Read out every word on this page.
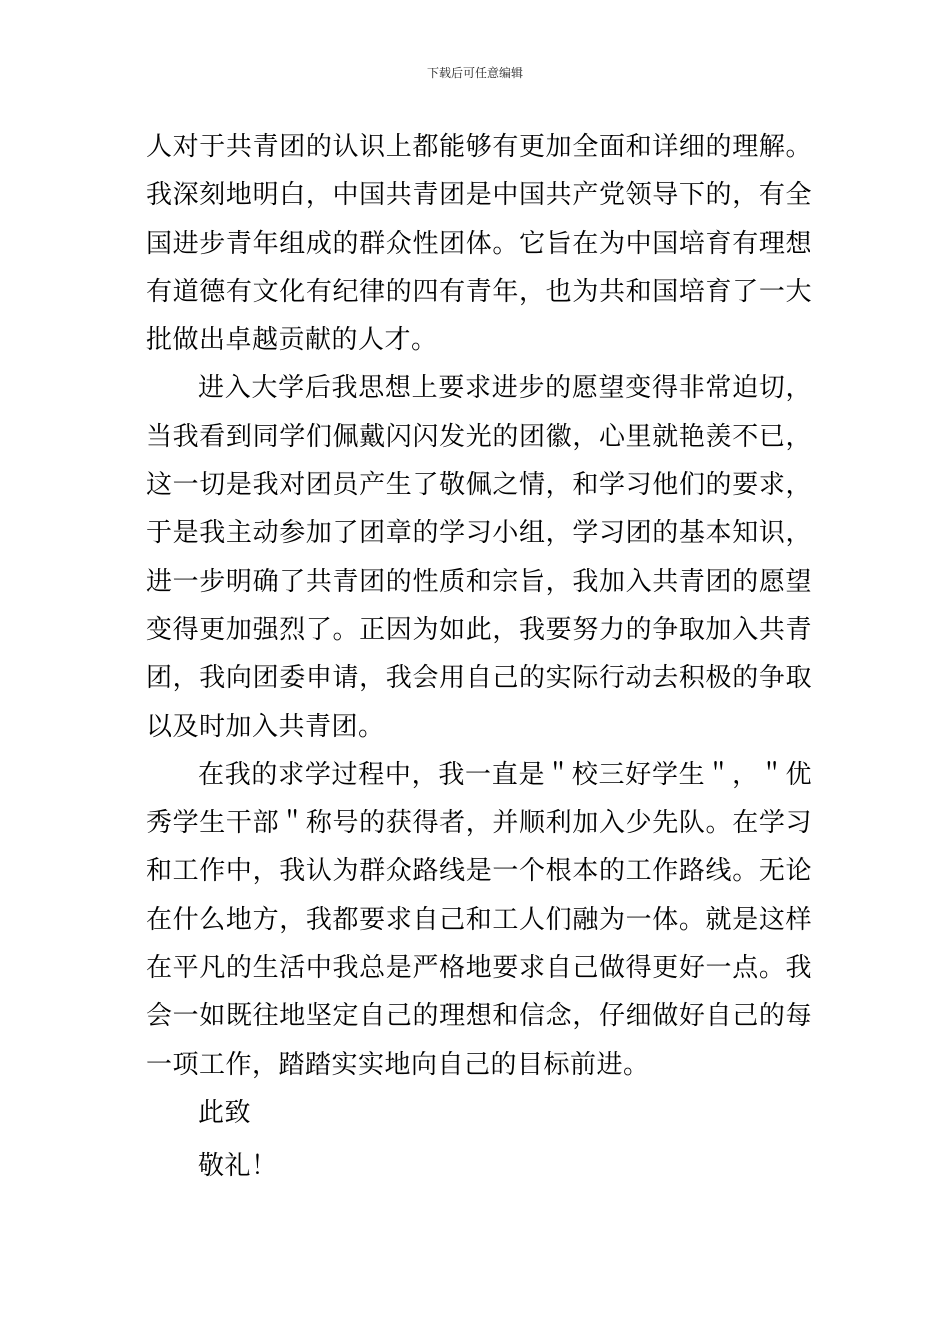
下载后可任意编辑

人对于共青团的认识上都能够有更加全面和详细的理解。我深刻地明白，中国共青团是中国共产党领导下的，有全国进步青年组成的群众性团体。它旨在为中国培育有理想有道德有文化有纪律的四有青年，也为共和国培育了一大批做出卓越贡献的人才。

进入大学后我思想上要求进步的愿望变得非常迫切，当我看到同学们佩戴闪闪发光的团徽，心里就艳羡不已，这一切是我对团员产生了敬佩之情，和学习他们的要求，于是我主动参加了团章的学习小组，学习团的基本知识，进一步明确了共青团的性质和宗旨，我加入共青团的愿望变得更加强烈了。正因为如此，我要努力的争取加入共青团，我向团委申请，我会用自己的实际行动去积极的争取以及时加入共青团。

在我的求学过程中，我一直是＂校三好学生＂，＂优秀学生干部＂称号的获得者，并顺利加入少先队。在学习和工作中，我认为群众路线是一个根本的工作路线。无论在什么地方，我都要求自己和工人们融为一体。就是这样在平凡的生活中我总是严格地要求自己做得更好一点。我会一如既往地坚定自己的理想和信念，仔细做好自己的每一项工作，踏踏实实地向自己的目标前进。

此致

敬礼！
